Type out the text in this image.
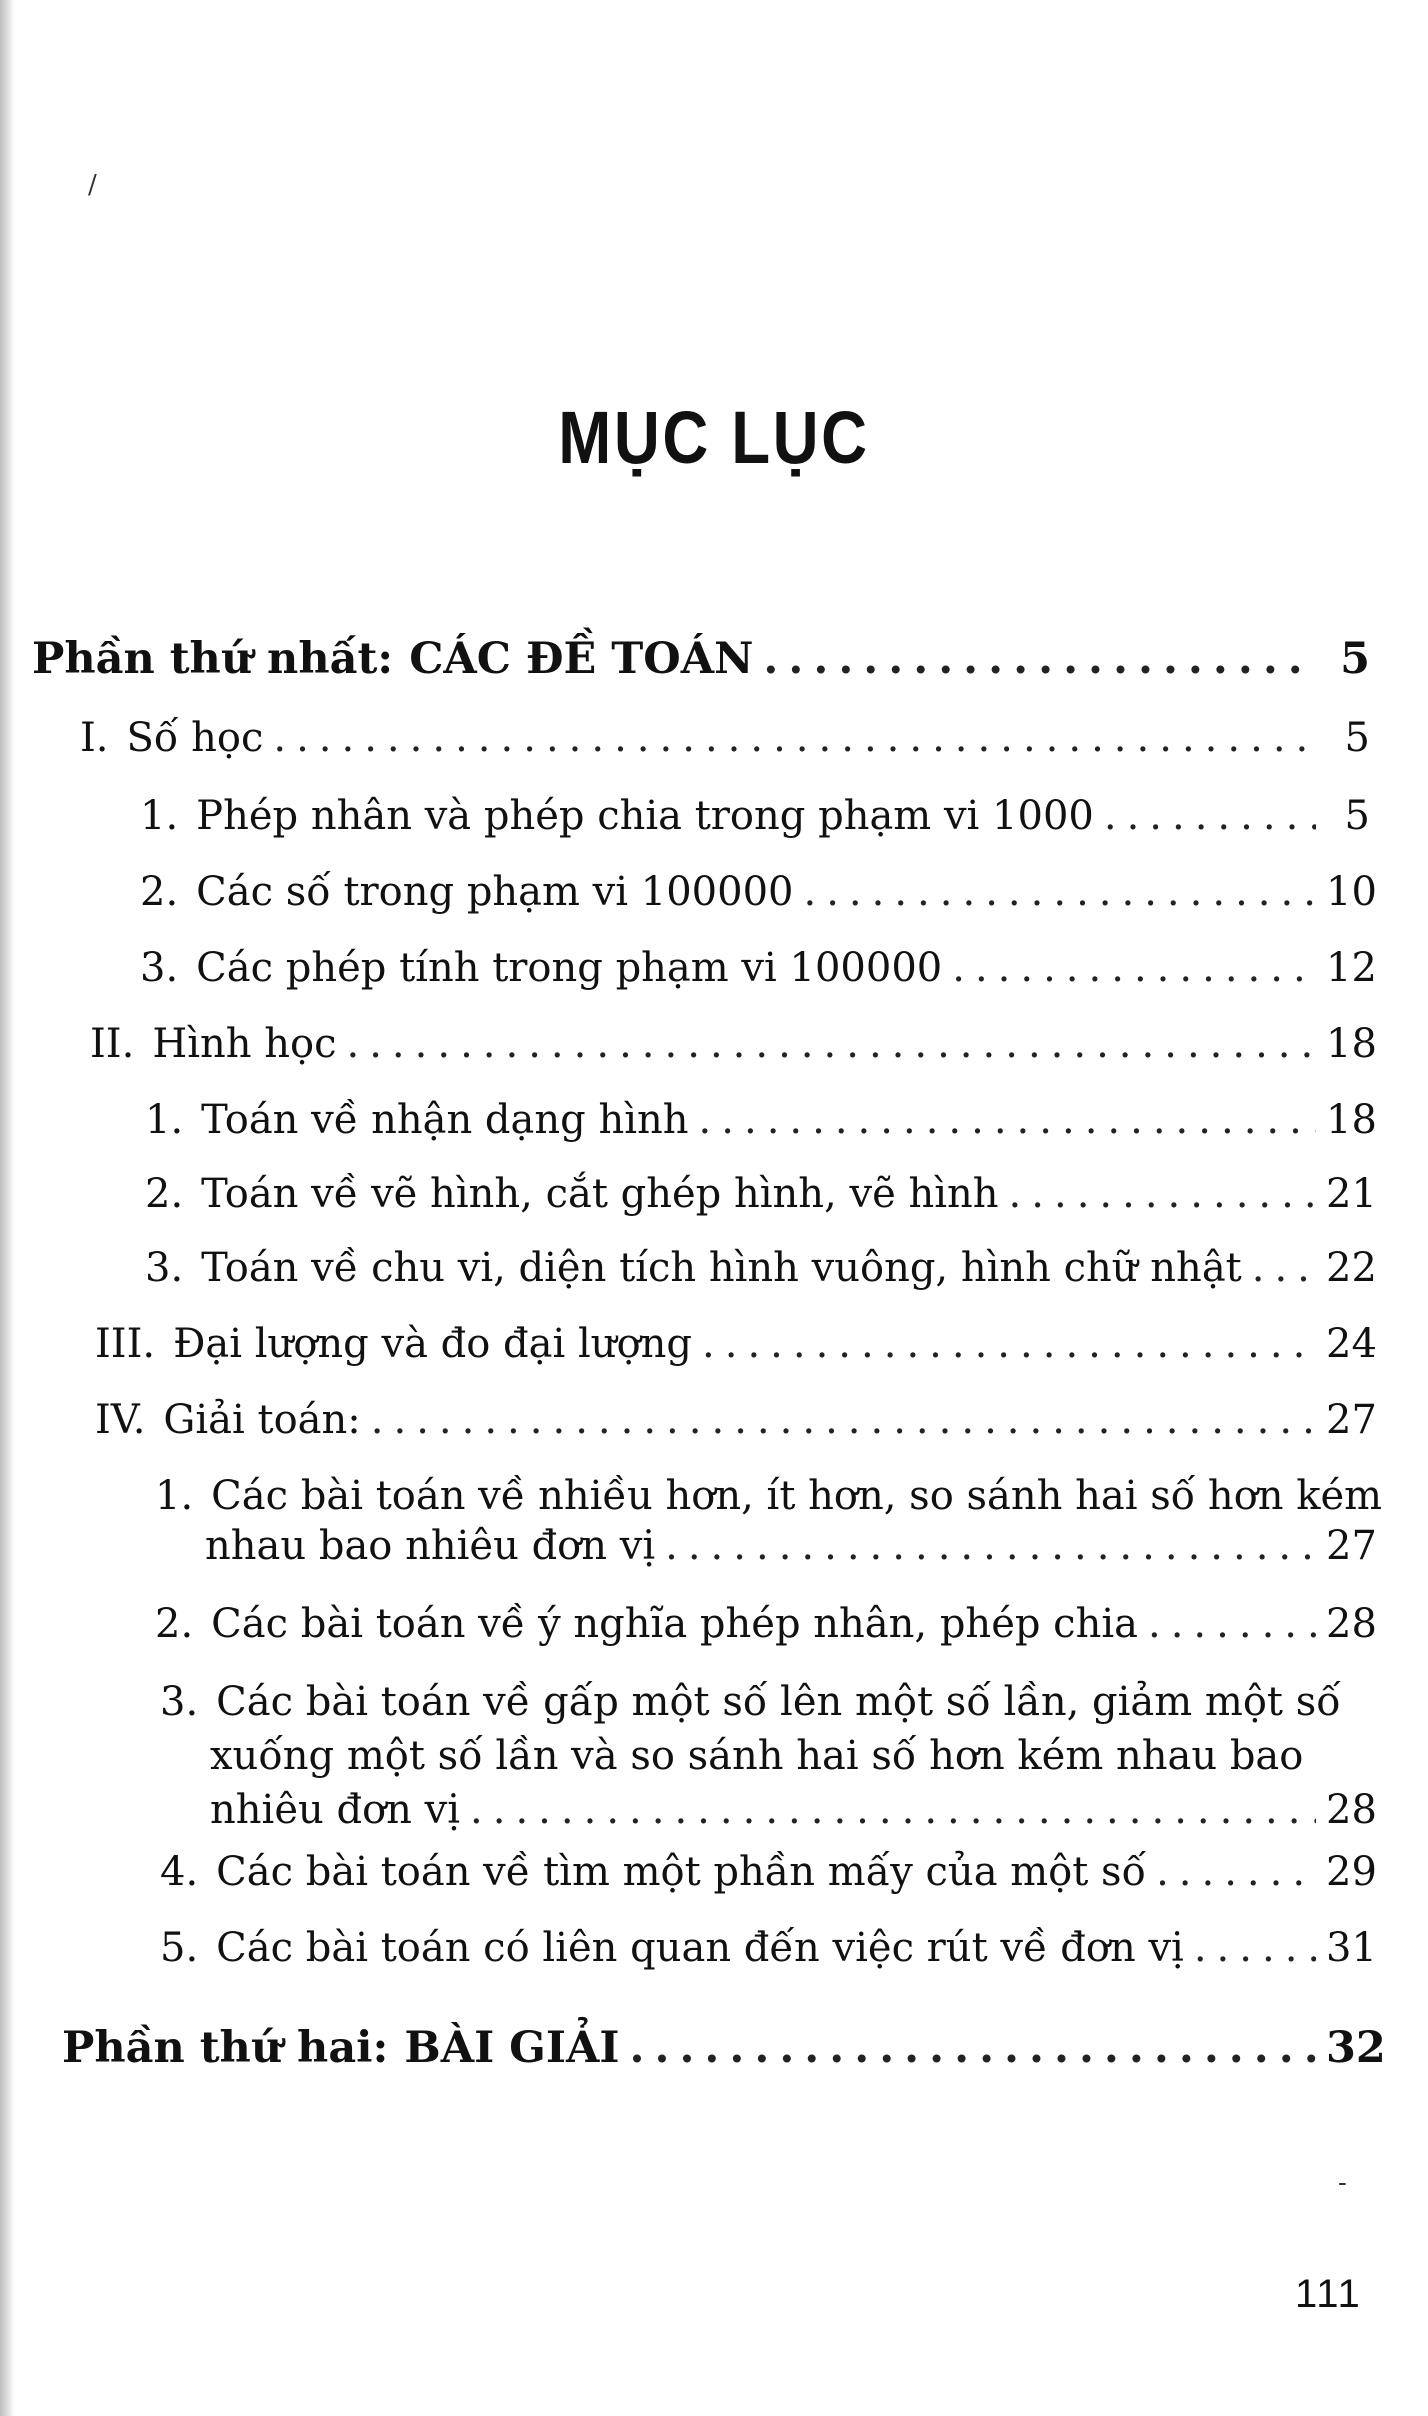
/
MỤC LỤC
Phần thứ nhất: CÁC ĐỀ TOÁN .....	5
I. Số học .....	5
1. Phép nhân và phép chia trong phạm vi 1000 .....	5
2. Các số trong phạm vi 100000 .....	10
3. Các phép tính trong phạm vi 100000 .....	12
II. Hình học .....	18
1. Toán về nhận dạng hình .....	18
2. Toán về vẽ hình, cắt ghép hình, vẽ hình .....	21
3. Toán về chu vi, diện tích hình vuông, hình chữ nhật ..... 22
III. Đại lượng và đo đại lượng .....	24
IV. Giải toán: .....	27
1. Các bài toán về nhiều hơn, ít hơn, so sánh hai số hơn kém
nhau bao nhiêu đơn vị .....	27
2. Các bài toán về ý nghĩa phép nhân, phép chia .....	28
3. Các bài toán về gấp một số lên một số lần, giảm một số
xuống một số lần và so sánh hai số hơn kém nhau bao
nhiêu đơn vị .....	28
4. Các bài toán về tìm một phần mấy của một số .....	29
5. Các bài toán có liên quan đến việc rút về đơn vị .....	31
Phần thứ hai: BÀI GIẢI .....	32
-
111
